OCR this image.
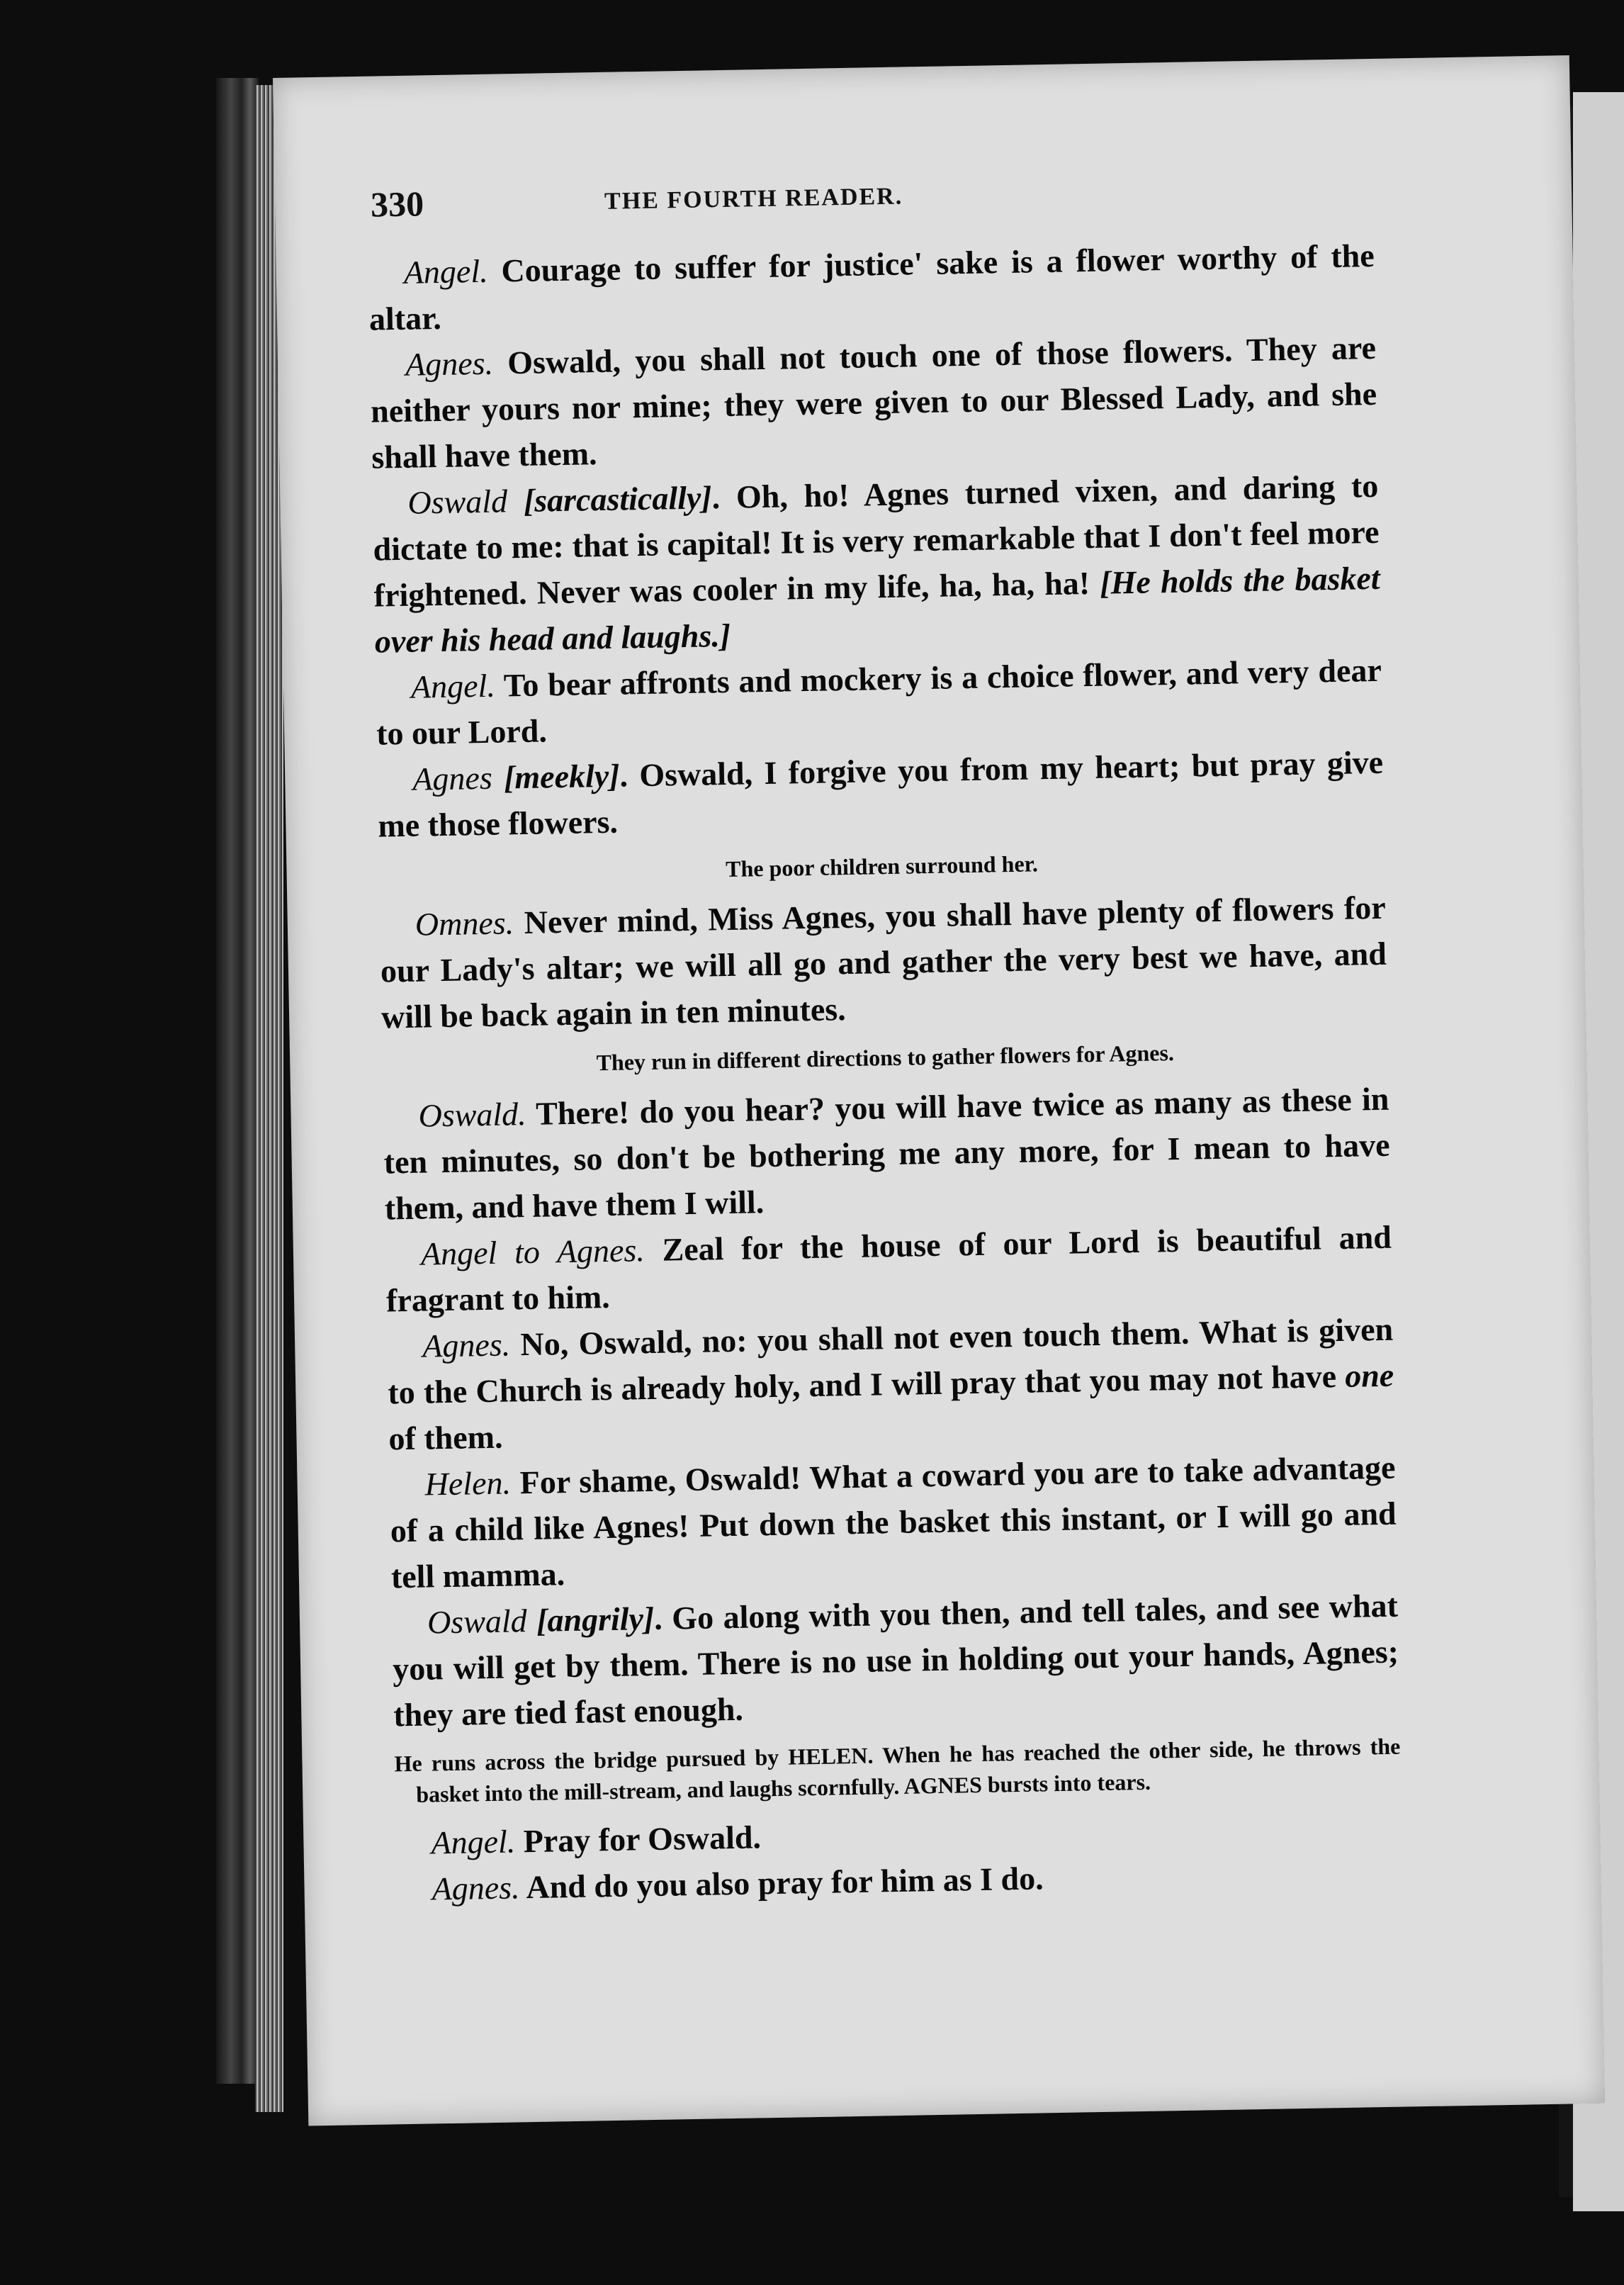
330	THE FOURTH READER.

Angel. Courage to suffer for justice' sake is a flower worthy of the altar.

Agnes. Oswald, you shall not touch one of those flowers. They are neither yours nor mine; they were given to our Blessed Lady, and she shall have them.

Oswald [sarcastically]. Oh, ho! Agnes turned vixen, and daring to dictate to me: that is capital! It is very remarkable that I don't feel more frightened. Never was cooler in my life, ha, ha, ha! [He holds the basket over his head and laughs.]

Angel. To bear affronts and mockery is a choice flower, and very dear to our Lord.

Agnes [meekly]. Oswald, I forgive you from my heart; but pray give me those flowers.

The poor children surround her.

Omnes. Never mind, Miss Agnes, you shall have plenty of flowers for our Lady's altar; we will all go and gather the very best we have, and will be back again in ten minutes.

They run in different directions to gather flowers for Agnes.

Oswald. There! do you hear? you will have twice as many as these in ten minutes, so don't be bothering me any more, for I mean to have them, and have them I will.

Angel to Agnes. Zeal for the house of our Lord is beautiful and fragrant to him.

Agnes. No, Oswald, no: you shall not even touch them. What is given to the Church is already holy, and I will pray that you may not have one of them.

Helen. For shame, Oswald! What a coward you are to take advantage of a child like Agnes! Put down the basket this instant, or I will go and tell mamma.

Oswald [angrily]. Go along with you then, and tell tales, and see what you will get by them. There is no use in holding out your hands, Agnes; they are tied fast enough.

He runs across the bridge pursued by HELEN. When he has reached the other side, he throws the basket into the mill-stream, and laughs scornfully. AGNES bursts into tears.

Angel. Pray for Oswald.

Agnes. And do you also pray for him as I do.
